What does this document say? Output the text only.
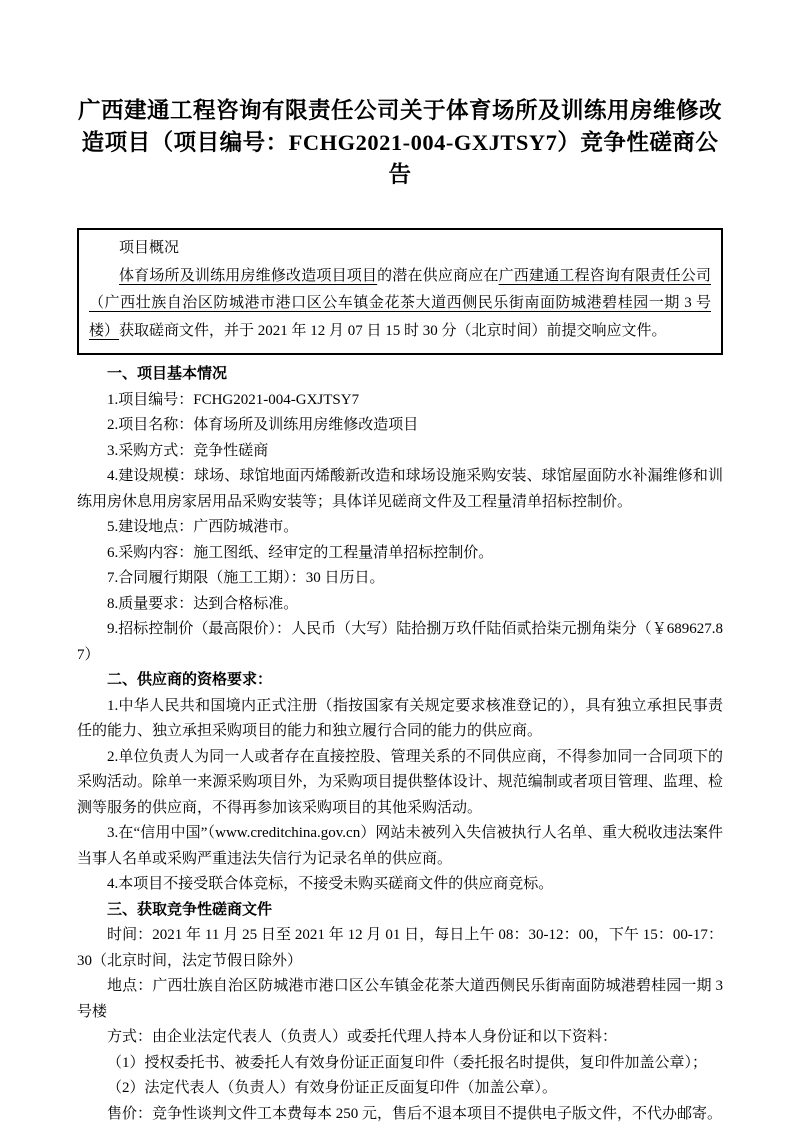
广西建通工程咨询有限责任公司关于体育场所及训练用房维修改造项目（项目编号：FCHG2021-004-GXJTSY7）竞争性磋商公告

项目概况

体育场所及训练用房维修改造项目项目的潜在供应商应在广西建通工程咨询有限责任公司（广西壮族自治区防城港市港口区公车镇金花茶大道西侧民乐街南面防城港碧桂园一期 3 号楼）获取磋商文件，并于 2021 年 12 月 07 日 15 时 30 分（北京时间）前提交响应文件。

一、项目基本情况

1.项目编号：FCHG2021-004-GXJTSY7

2.项目名称：体育场所及训练用房维修改造项目

3.采购方式：竞争性磋商

4.建设规模：球场、球馆地面丙烯酸新改造和球场设施采购安装、球馆屋面防水补漏维修和训练用房休息用房家居用品采购安装等；具体详见磋商文件及工程量清单招标控制价。

5.建设地点：广西防城港市。

6.采购内容：施工图纸、经审定的工程量清单招标控制价。

7.合同履行期限（施工工期）：30 日历日。

8.质量要求：达到合格标准。

9.招标控制价（最高限价）：人民币（大写）陆拾捌万玖仟陆佰贰拾柒元捌角柒分（￥689627.87）

二、供应商的资格要求：

1.中华人民共和国境内正式注册（指按国家有关规定要求核准登记的），具有独立承担民事责任的能力、独立承担采购项目的能力和独立履行合同的能力的供应商。

2.单位负责人为同一人或者存在直接控股、管理关系的不同供应商，不得参加同一合同项下的采购活动。除单一来源采购项目外，为采购项目提供整体设计、规范编制或者项目管理、监理、检测等服务的供应商，不得再参加该采购项目的其他采购活动。

3.在“信用中国”（www.creditchina.gov.cn）网站未被列入失信被执行人名单、重大税收违法案件当事人名单或采购严重违法失信行为记录名单的供应商。

4.本项目不接受联合体竞标，不接受未购买磋商文件的供应商竞标。

三、获取竞争性磋商文件

时间：2021 年 11 月 25 日至 2021 年 12 月 01 日，每日上午 08：30-12：00，下午 15：00-17：30（北京时间，法定节假日除外）

地点：广西壮族自治区防城港市港口区公车镇金花茶大道西侧民乐街南面防城港碧桂园一期 3 号楼

方式：由企业法定代表人（负责人）或委托代理人持本人身份证和以下资料：

（1）授权委托书、被委托人有效身份证正面复印件（委托报名时提供，复印件加盖公章）；

（2）法定代表人（负责人）有效身份证正反面复印件（加盖公章）。

售价：竞争性谈判文件工本费每本 250 元，售后不退本项目不提供电子版文件，不代办邮寄。
